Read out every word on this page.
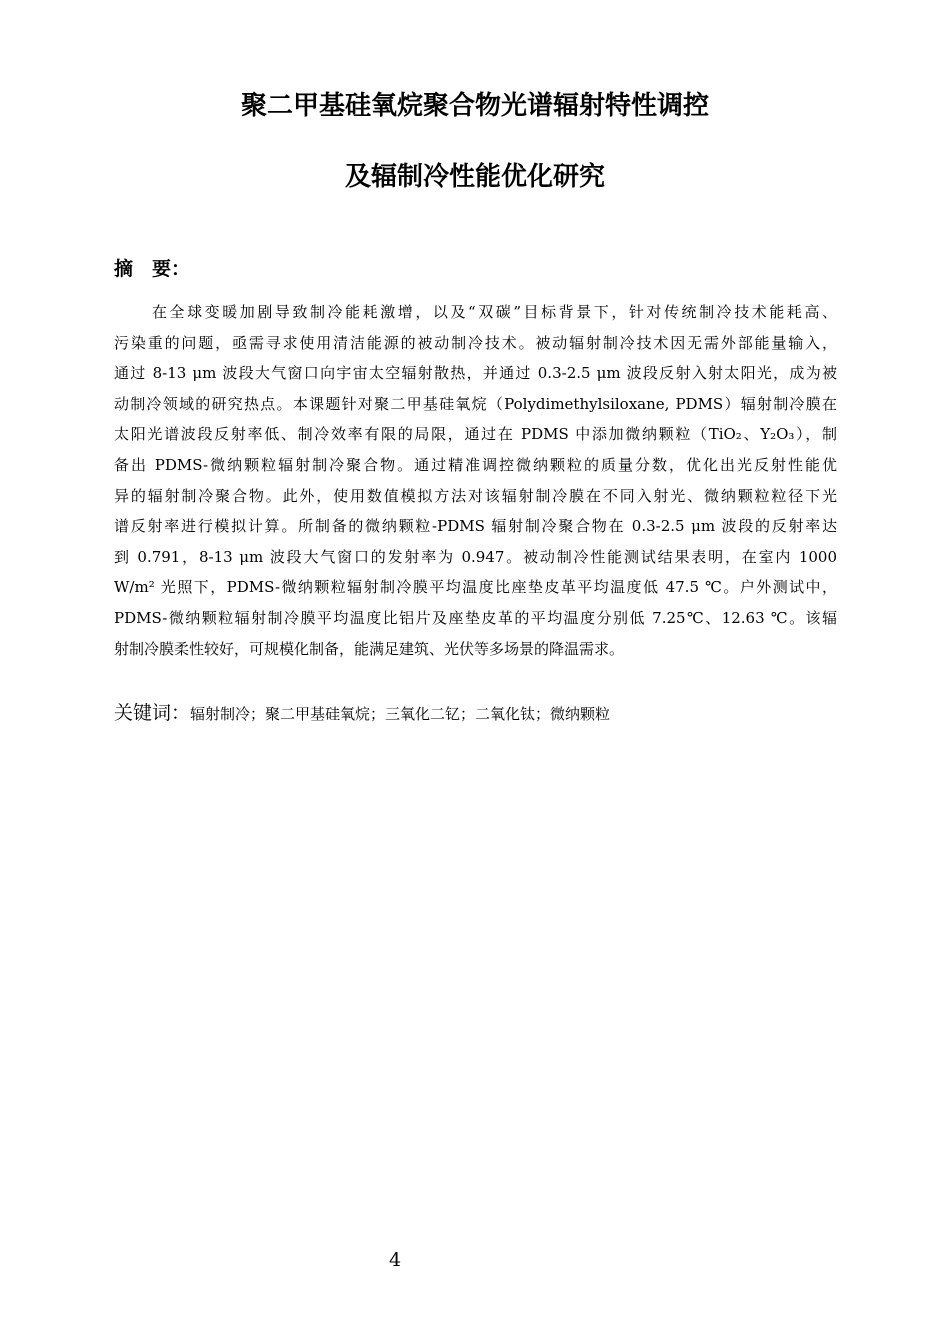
聚二甲基硅氧烷聚合物光谱辐射特性调控
及辐制冷性能优化研究
摘　要：
在全球变暖加剧导致制冷能耗激增，以及“双碳”目标背景下，针对传统制冷技术能耗高、
污染重的问题，亟需寻求使用清洁能源的被动制冷技术。被动辐射制冷技术因无需外部能量输入，
通过 8-13 μm 波段大气窗口向宇宙太空辐射散热，并通过 0.3-2.5 μm 波段反射入射太阳光，成为被
动制冷领域的研究热点。本课题针对聚二甲基硅氧烷（Polydimethylsiloxane, PDMS）辐射制冷膜在
太阳光谱波段反射率低、制冷效率有限的局限，通过在 PDMS 中添加微纳颗粒（TiO₂、Y₂O₃），制
备出 PDMS-微纳颗粒辐射制冷聚合物。通过精准调控微纳颗粒的质量分数，优化出光反射性能优
异的辐射制冷聚合物。此外，使用数值模拟方法对该辐射制冷膜在不同入射光、微纳颗粒粒径下光
谱反射率进行模拟计算。所制备的微纳颗粒-PDMS 辐射制冷聚合物在 0.3-2.5 μm 波段的反射率达
到 0.791，8-13 μm 波段大气窗口的发射率为 0.947。被动制冷性能测试结果表明，在室内 1000
W/m² 光照下，PDMS-微纳颗粒辐射制冷膜平均温度比座垫皮革平均温度低 47.5 ℃。户外测试中，
PDMS-微纳颗粒辐射制冷膜平均温度比铝片及座垫皮革的平均温度分别低 7.25℃、12.63 ℃。该辐
射制冷膜柔性较好，可规模化制备，能满足建筑、光伏等多场景的降温需求。

关键词：辐射制冷；聚二甲基硅氧烷；三氧化二钇；二氧化钛；微纳颗粒

4
